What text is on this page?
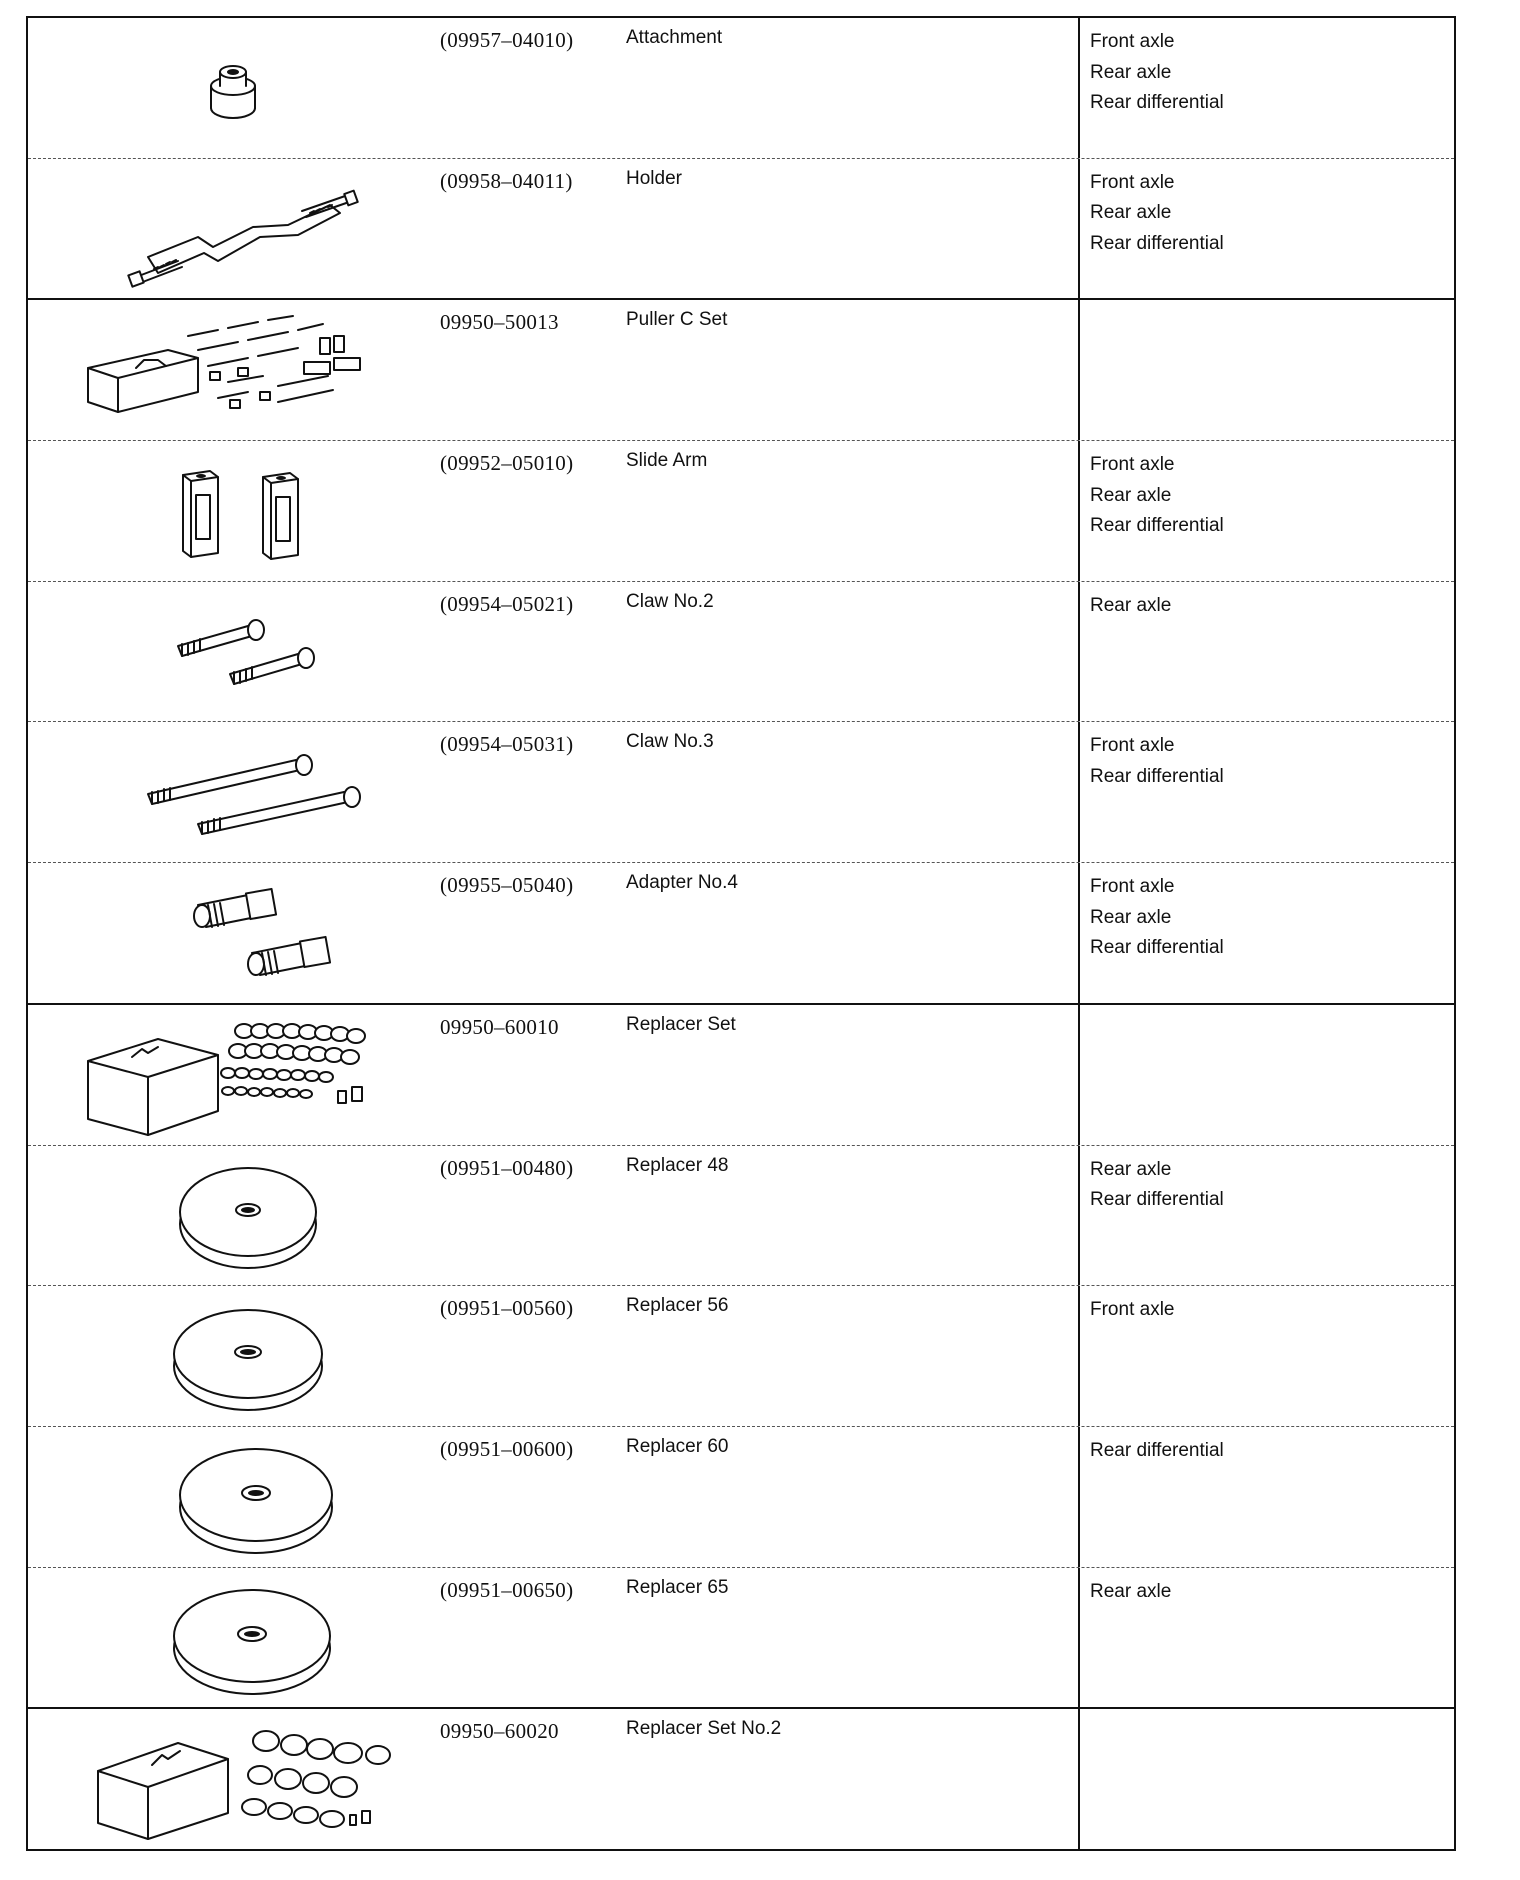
(09957–04010)	Attachment	Front axle
Rear axle
Rear differential
(09958–04011)	Holder	Front axle
Rear axle
Rear differential
09950–50013	Puller C Set
(09952–05010)	Slide Arm	Front axle
Rear axle
Rear differential
(09954–05021)	Claw No.2	Rear axle
(09954–05031)	Claw No.3	Front axle
Rear differential
(09955–05040)	Adapter No.4	Front axle
Rear axle
Rear differential
09950–60010	Replacer Set
(09951–00480)	Replacer 48	Rear axle
Rear differential
(09951–00560)	Replacer 56	Front axle
(09951–00600)	Replacer 60	Rear differential
(09951–00650)	Replacer 65	Rear axle
09950–60020	Replacer Set No.2
